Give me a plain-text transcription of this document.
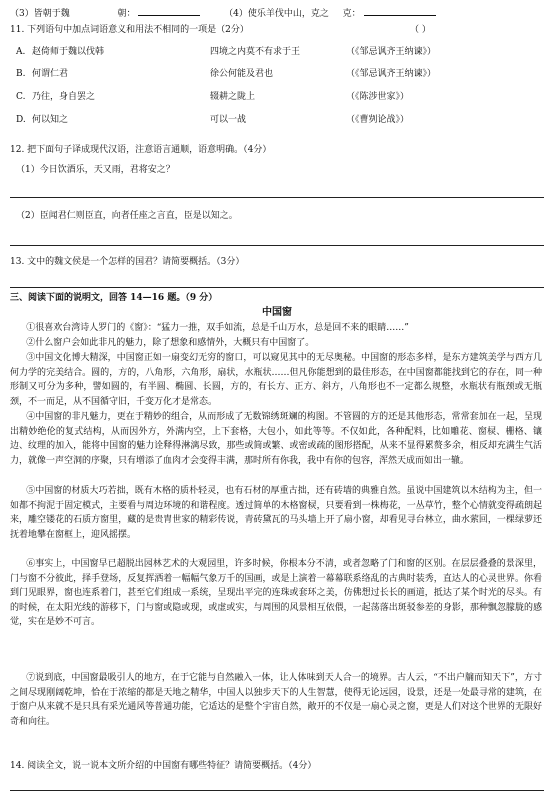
（3）皆朝于魏	朝：	（4）使乐羊伐中山，克之 克：
11. 下列语句中加点词语意义和用法不相同的一项是（2分）	（ ）
A. 赵倚师于魏以伐韩	四境之内莫不有求于王	（《邹忌讽齐王纳谏》）
B. 何谓仁君	徐公何能及君也	（《邹忌讽齐王纳谏》）
C. 乃往，身自罢之	辍耕之陇上	（《陈涉世家》）
D. 何以知之	可以一战	（《曹刿论战》）
12. 把下面句子译成现代汉语，注意语言通顺，语意明确。（4分）
（1）今日饮酒乐，天又雨，君将安之？
（2）臣闻君仁则臣直，向者任座之言直，臣是以知之。
13. 文中的魏文侯是一个怎样的国君？请简要概括。（3分）
三、阅读下面的说明文，回答 14—16 题。（9 分）
中国窗
①很喜欢台湾诗人罗门的《窗》：“猛力一推，双手如流，总是千山万水，总是回不来的眼睛……”
②什么窗户会如此非凡的魅力，除了想象和感情外，大概只有中国窗了。
③中国文化博大精深，中国窗正如一扇变幻无穷的窗口，可以窥见其中的无尽奥秘。中国窗的形态多样，是东方建筑美学与西方几何力学的完美结合。圆的，方的，八角形，六角形，扇状，水瓶状……但凡你能想到的最佳形态，在中国窗都能找到它的存在，同一种形制又可分为多种，譬如圆的，有半圆、椭圆、长圆，方的，有长方、正方、斜方，八角形也不一定都么规整，水瓶状有瓶颈或无瓶颈，不一而足，从不国循守旧，千变万化才是常态。
④中国窗的非凡魅力，更在于精妙的组合，从而形成了无数锦绣斑斓的构图。不管圆的方的还是其他形态，常常套加在一起，呈现出精妙绝伦的复式结构，从而因外方，外满内空，上下套格，大包小，如此等等。不仅如此，各种配料，比如雕花、窗棂、栅格、镶边、纹理的加入，能将中国窗的魅力诠释得淋漓尽致，那些或简或繁、或密或疏的图形搭配，从来不显得累赘多余，相反却充满生气活力，就像一声空洞的序聚，只有增添了血肉才会变得丰满，那时所有你我，我中有你的包容，浑然天成而如出一辙。
⑤中国窗的材质大巧若拙，既有木格的质朴轻灵，也有石材的厚重古拙，还有砖墙的典雅自然。虽说中国建筑以木结构为主，但一如都不拘泥于固定模式，主要看与周边环境的和谐程度。透过简单的木格窗棂，只要看到一株梅花，一丛草竹，整个心情就变得疏朗起来，雕空镂花的石质方窗里，藏的是贵胄世家的精彩传说，青砖黛瓦的马头墙上开了扇小窗，却看见寻台林立，曲水萦回，一棵绿萝还抚着地攀在窗框上，迎风摇摆。
⑥事实上，中国窗早已超脱出园林艺术的大观园里，许多时候，你根本分不清，或者忽略了门和窗的区别。在层层叠叠的景深里，门与窗不分彼此，择手登场，反复挥洒着一幅幅气象万千的国画，或是上演着一幕幕联系络乱的古典时装秀，直达人的心灵世界。你看到门见眼界，窗也连系着门，甚至它们组成一系统，呈现出平完的连珠或套环之美，仿佛想过长长的画道，抵达了某个时光的尽头。有的时候，在太阳光线的游移下，门与窗或隐或现，或虚或实，与周围的风景相互依偎，一起荡落出斑驳参差的身影，那种飘忽朦胧的感觉，实在是妙不可言。
⑦说到底，中国窗最吸引人的地方，在于它能与自然融入一体，让人体味到天人合一的境界。古人云，“不出户牖而知天下”，方寸之间尽现刚阔乾坤，恰在于浓缩的都是天地之精华，中国人以独步天下的人生智慧，使得无论远园，设景，还是一处最寻常的建筑，在于窗户从来就不是只具有采光通风等普通功能，它适达的是整个宇宙自然，敞开的不仅是一扇心灵之窗，更是人们对这个世界的无限好奇和向往。
14. 阅读全文，说一说本文所介绍的中国窗有哪些特征？请简要概括。（4分）
